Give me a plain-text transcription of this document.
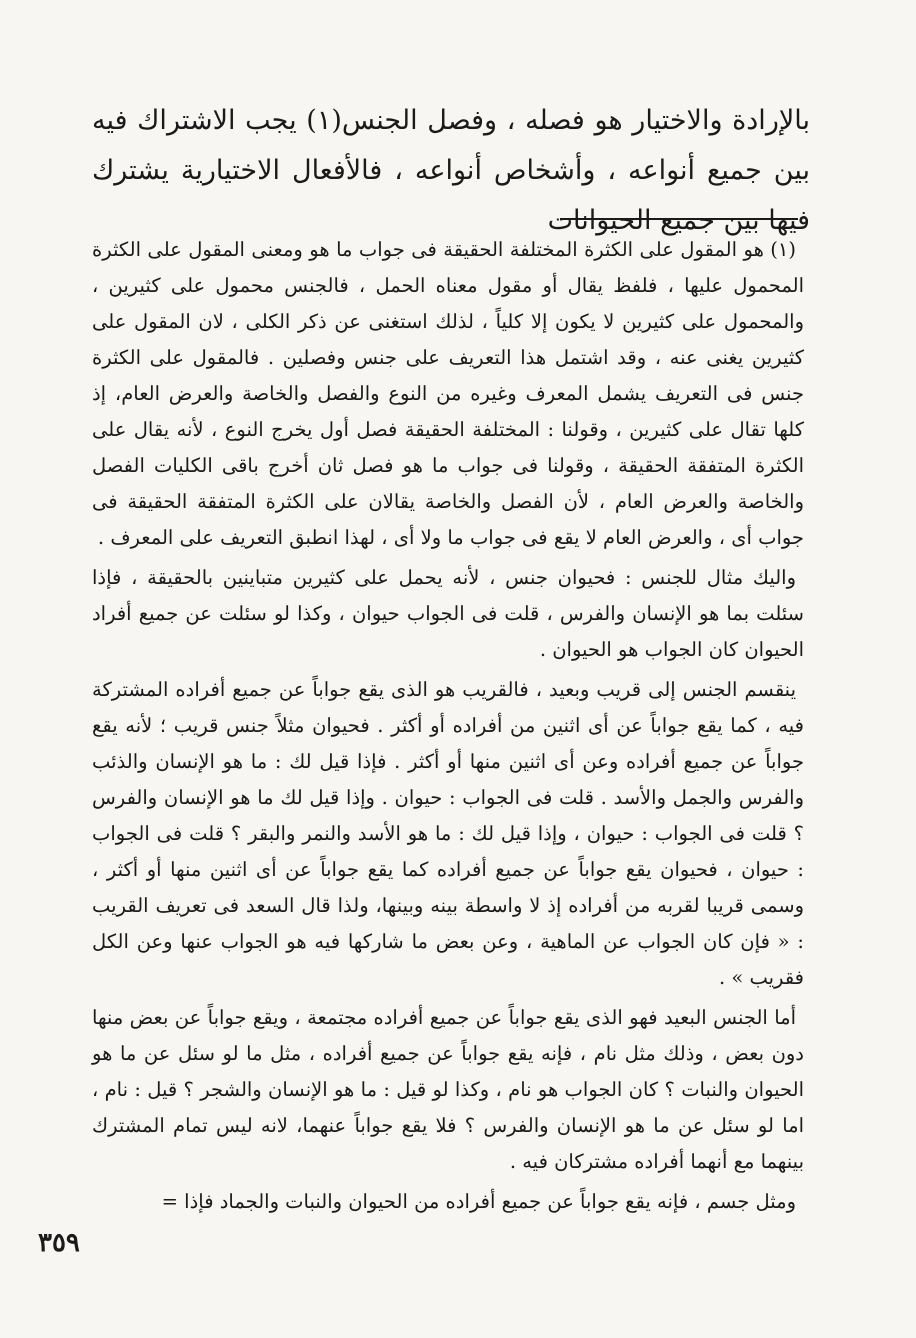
بالإرادة والاختيار هو فصله ، وفصل الجنس(١) يجب الاشتراك فيه بين جميع أنواعه ، وأشخاص أنواعه ، فالأفعال الاختيارية يشترك فيها بين جميع الحيوانات

(١) هو المقول على الكثرة المختلفة الحقيقة فى جواب ما هو ومعنى المقول على الكثرة المحمول عليها ، فلفظ يقال أو مقول معناه الحمل ، فالجنس محمول على كثيرين ، والمحمول على كثيرين لا يكون إلا كلياً ، لذلك استغنى عن ذكر الكلى ، لان المقول على كثيرين يغنى عنه ، وقد اشتمل هذا التعريف على جنس وفصلين . فالمقول على الكثرة جنس فى التعريف يشمل المعرف وغيره من النوع والفصل والخاصة والعرض العام، إذ كلها تقال على كثيرين ، وقولنا : المختلفة الحقيقة فصل أول يخرج النوع ، لأنه يقال على الكثرة المتفقة الحقيقة ، وقولنا فى جواب ما هو فصل ثان أخرج باقى الكليات الفصل والخاصة والعرض العام ، لأن الفصل والخاصة يقالان على الكثرة المتفقة الحقيقة فى جواب أى ، والعرض العام لا يقع فى جواب ما ولا أى ، لهذا انطبق التعريف على المعرف .

واليك مثال للجنس : فحيوان جنس ، لأنه يحمل على كثيرين متباينين بالحقيقة ، فإذا سئلت بما هو الإنسان والفرس ، قلت فى الجواب حيوان ، وكذا لو سئلت عن جميع أفراد الحيوان كان الجواب هو الحيوان .

ينقسم الجنس إلى قريب وبعيد ، فالقريب هو الذى يقع جواباً عن جميع أفراده المشتركة فيه ، كما يقع جواباً عن أى اثنين من أفراده أو أكثر . فحيوان مثلاً جنس قريب ؛ لأنه يقع جواباً عن جميع أفراده وعن أى اثنين منها أو أكثر . فإذا قيل لك : ما هو الإنسان والذئب والفرس والجمل والأسد . قلت فى الجواب : حيوان . وإذا قيل لك ما هو الإنسان والفرس ؟ قلت فى الجواب : حيوان ، وإذا قيل لك : ما هو الأسد والنمر والبقر ؟ قلت فى الجواب : حيوان ، فحيوان يقع جواباً عن جميع أفراده كما يقع جواباً عن أى اثنين منها أو أكثر ، وسمى قريبا لقربه من أفراده إذ لا واسطة بينه وبينها، ولذا قال السعد فى تعريف القريب : « فإن كان الجواب عن الماهية ، وعن بعض ما شاركها فيه هو الجواب عنها وعن الكل فقريب » .

أما الجنس البعيد فهو الذى يقع جواباً عن جميع أفراده مجتمعة ، ويقع جواباً عن بعض منها دون بعض ، وذلك مثل نام ، فإنه يقع جواباً عن جميع أفراده ، مثل ما لو سئل عن ما هو الحيوان والنبات ؟ كان الجواب هو نام ، وكذا لو قيل : ما هو الإنسان والشجر ؟ قيل : نام ، اما لو سئل عن ما هو الإنسان والفرس ؟ فلا يقع جواباً عنهما، لانه ليس تمام المشترك بينهما مع أنهما أفراده مشتركان فيه .

ومثل جسم ، فإنه يقع جواباً عن جميع أفراده من الحيوان والنبات والجماد فإذا =

٣٥٩
